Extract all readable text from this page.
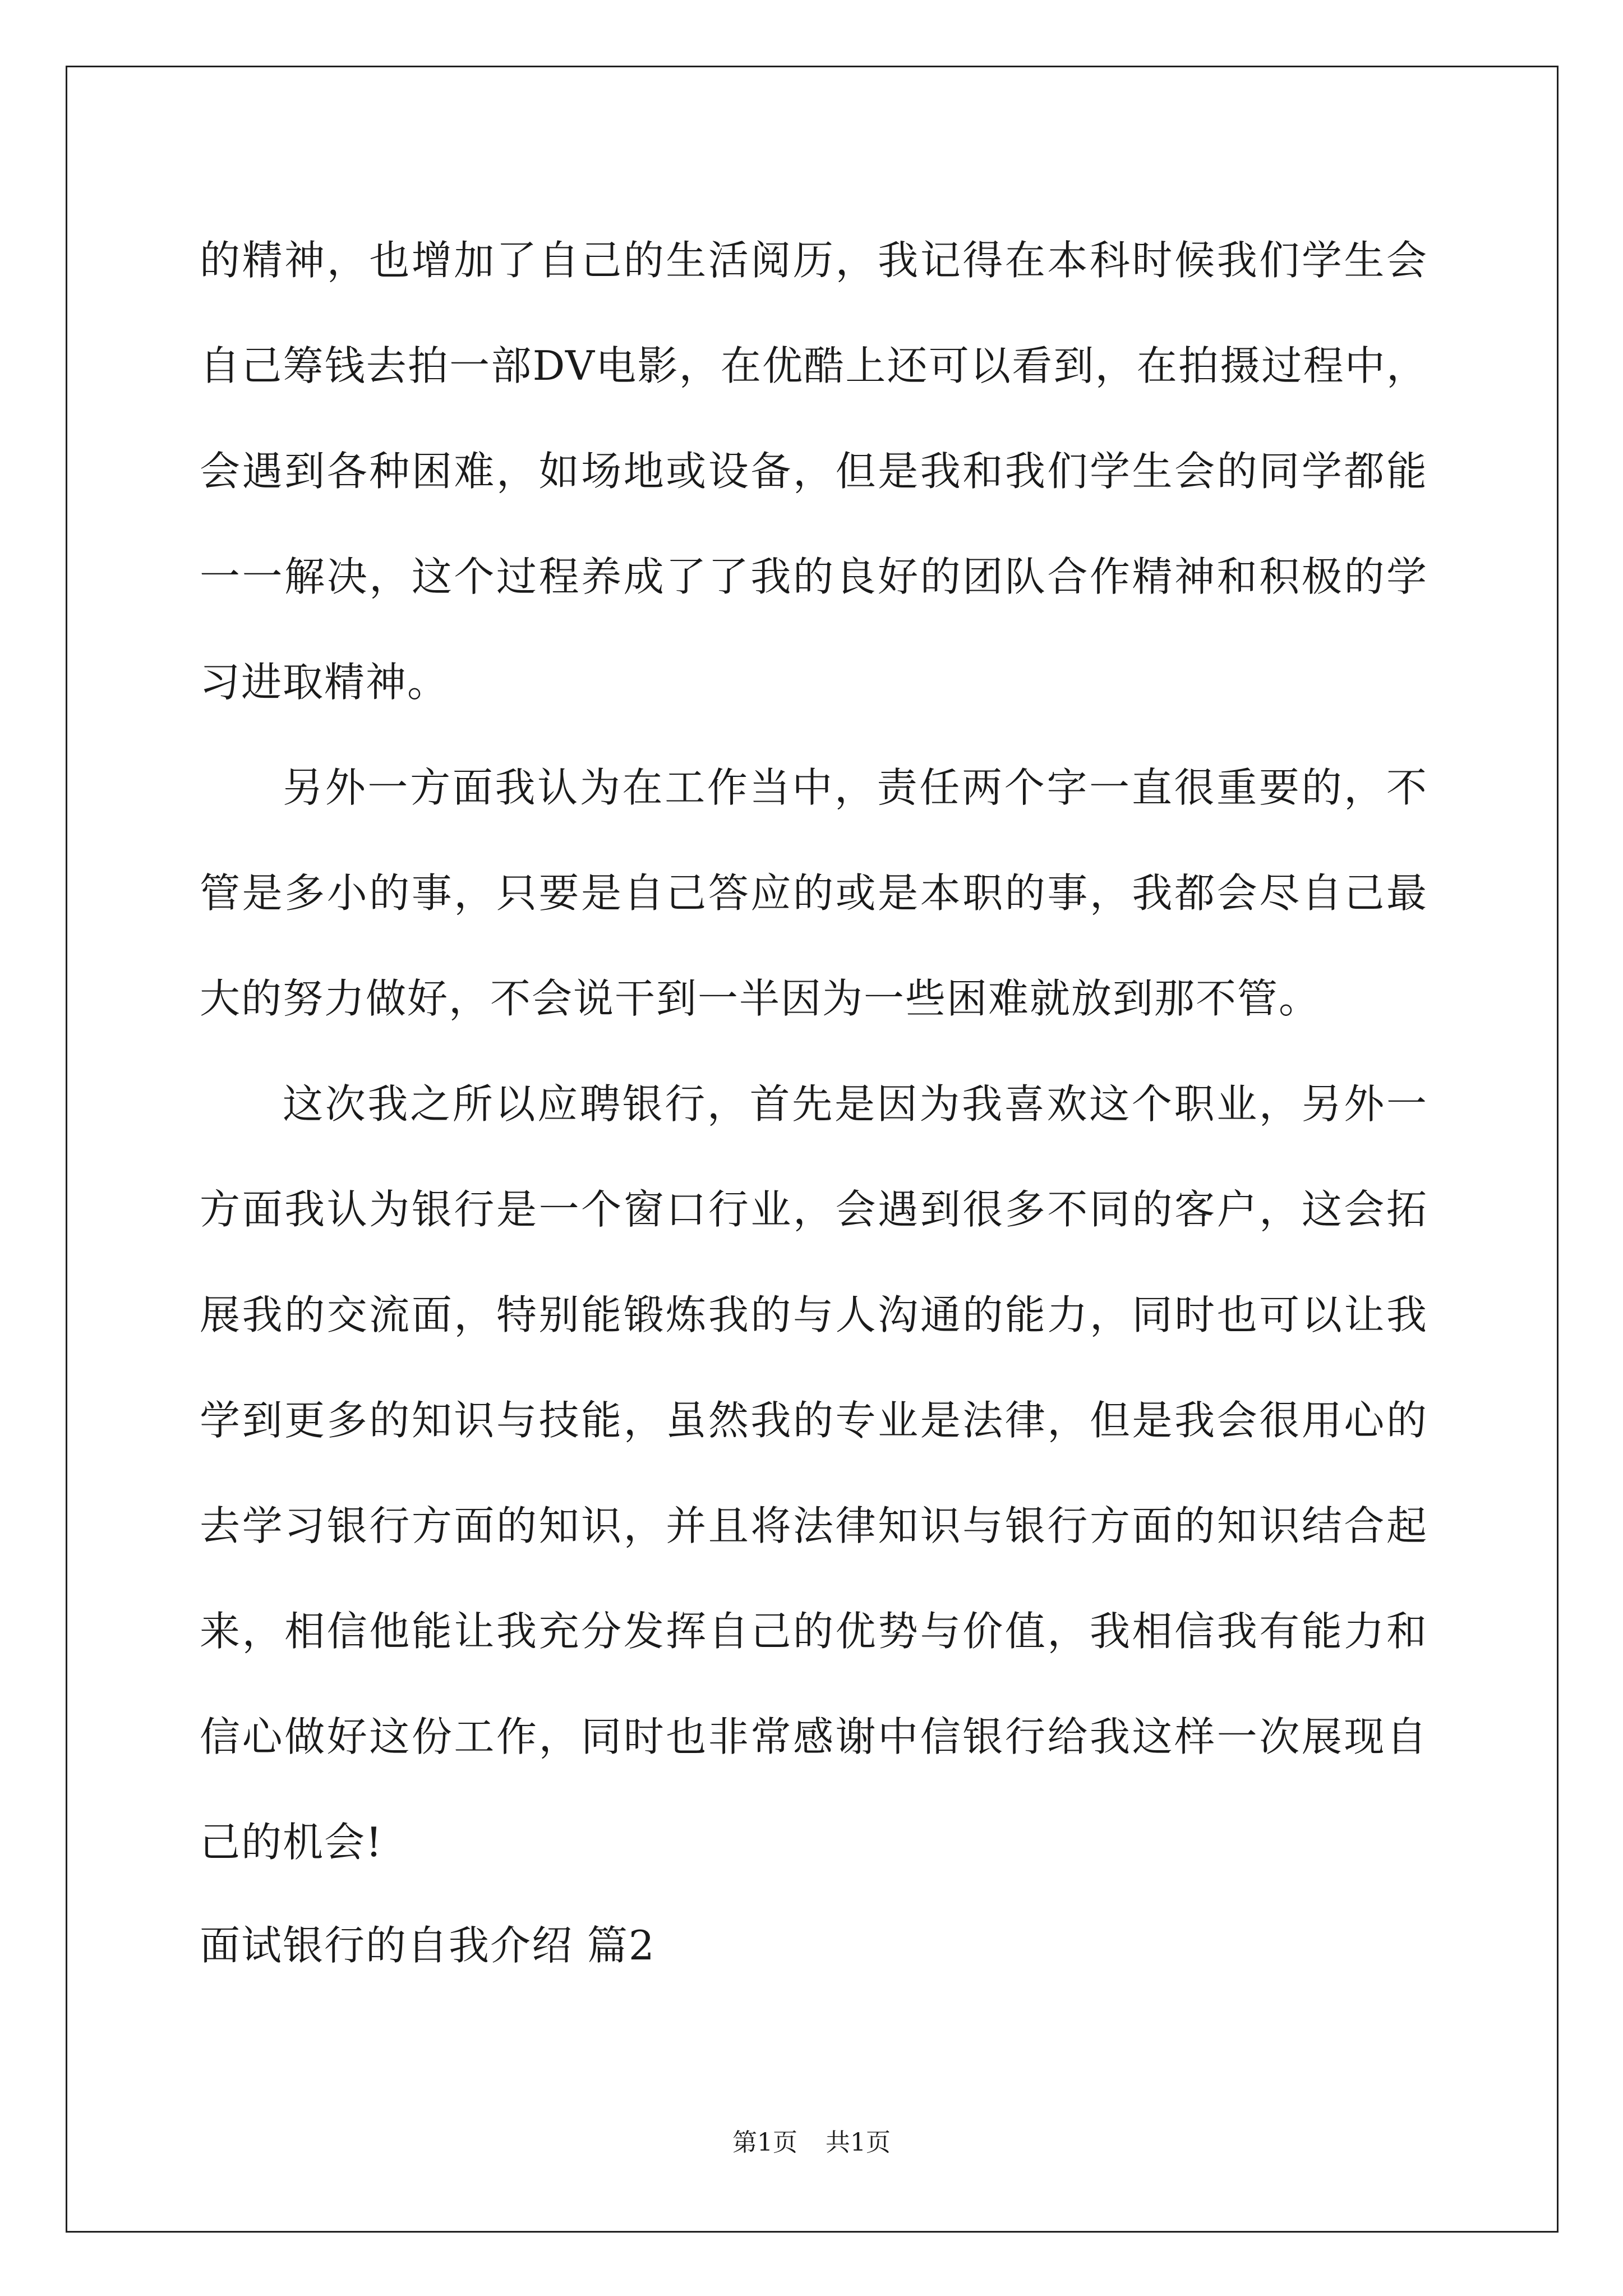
的精神，也增加了自己的生活阅历，我记得在本科时候我们学生会自己筹钱去拍一部DV电影，在优酷上还可以看到，在拍摄过程中，会遇到各种困难，如场地或设备，但是我和我们学生会的同学都能一一解决，这个过程养成了了我的良好的团队合作精神和积极的学习进取精神。

另外一方面我认为在工作当中，责任两个字一直很重要的，不管是多小的事，只要是自己答应的或是本职的事，我都会尽自己最大的努力做好，不会说干到一半因为一些困难就放到那不管。

这次我之所以应聘银行，首先是因为我喜欢这个职业，另外一方面我认为银行是一个窗口行业，会遇到很多不同的客户，这会拓展我的交流面，特别能锻炼我的与人沟通的能力，同时也可以让我学到更多的知识与技能，虽然我的专业是法律，但是我会很用心的去学习银行方面的知识，并且将法律知识与银行方面的知识结合起来，相信他能让我充分发挥自己的优势与价值，我相信我有能力和信心做好这份工作，同时也非常感谢中信银行给我这样一次展现自己的机会!

面试银行的自我介绍 篇2

第1页 共1页
